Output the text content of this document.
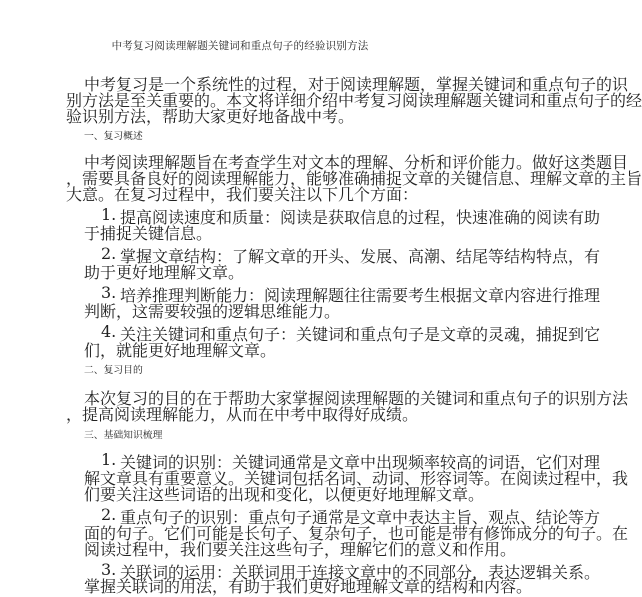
中考复习阅读理解题关键词和重点句子的经验识别方法
中考复习是一个系统性的过程，对于阅读理解题，掌握关键词和重点句子的识
别方法是至关重要的。本文将详细介绍中考复习阅读理解题关键词和重点句子的经
验识别方法，帮助大家更好地备战中考。
一、复习概述
中考阅读理解题旨在考查学生对文本的理解、分析和评价能力。做好这类题目
，需要具备良好的阅读理解能力，能够准确捕捉文章的关键信息、理解文章的主旨
大意。在复习过程中，我们要关注以下几个方面：
1. 提高阅读速度和质量：阅读是获取信息的过程，快速准确的阅读有助
于捕捉关键信息。
2. 掌握文章结构：了解文章的开头、发展、高潮、结尾等结构特点，有
助于更好地理解文章。
3. 培养推理判断能力：阅读理解题往往需要考生根据文章内容进行推理
判断，这需要较强的逻辑思维能力。
4. 关注关键词和重点句子：关键词和重点句子是文章的灵魂，捕捉到它
们，就能更好地理解文章。
二、复习目的
本次复习的目的在于帮助大家掌握阅读理解题的关键词和重点句子的识别方法
，提高阅读理解能力，从而在中考中取得好成绩。
三、基础知识梳理
1. 关键词的识别：关键词通常是文章中出现频率较高的词语，它们对理
解文章具有重要意义。关键词包括名词、动词、形容词等。在阅读过程中，我
们要关注这些词语的出现和变化，以便更好地理解文章。
2. 重点句子的识别：重点句子通常是文章中表达主旨、观点、结论等方
面的句子。它们可能是长句子、复杂句子，也可能是带有修饰成分的句子。在
阅读过程中，我们要关注这些句子，理解它们的意义和作用。
3. 关联词的运用：关联词用于连接文章中的不同部分，表达逻辑关系。
掌握关联词的用法，有助于我们更好地理解文章的结构和内容。
